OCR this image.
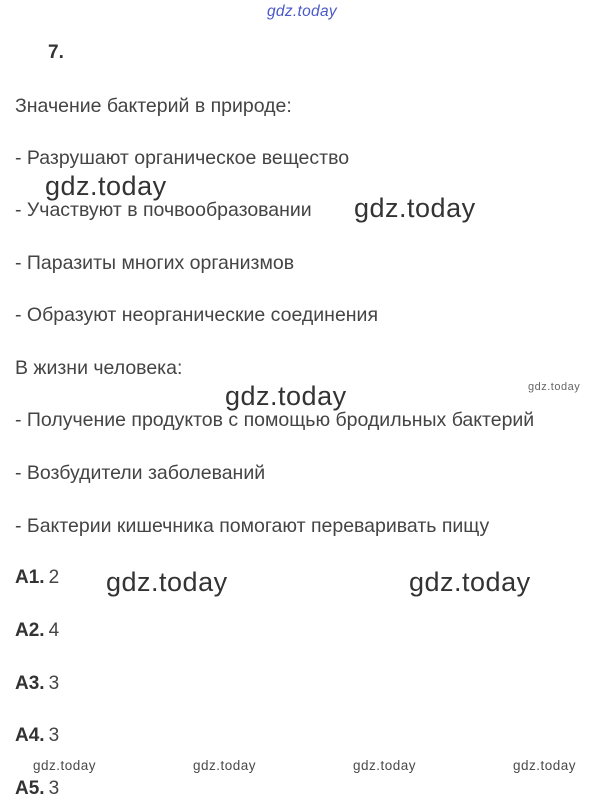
gdz.today
7.
Значение бактерий в природе:
- Разрушают органическое вещество
- Участвуют в почвообразовании
- Паразиты многих организмов
- Образуют неорганические соединения
В жизни человека:
- Получение продуктов с помощью бродильных бактерий
- Возбудители заболеваний
- Бактерии кишечника помогают переваривать пищу
А1. 2
А2. 4
А3. 3
А4. 3
А5. 3
gdz.today
gdz.today
gdz.today
gdz.today	gdz.today
gdz.today
gdz.today	gdz.today	gdz.today	gdz.today
